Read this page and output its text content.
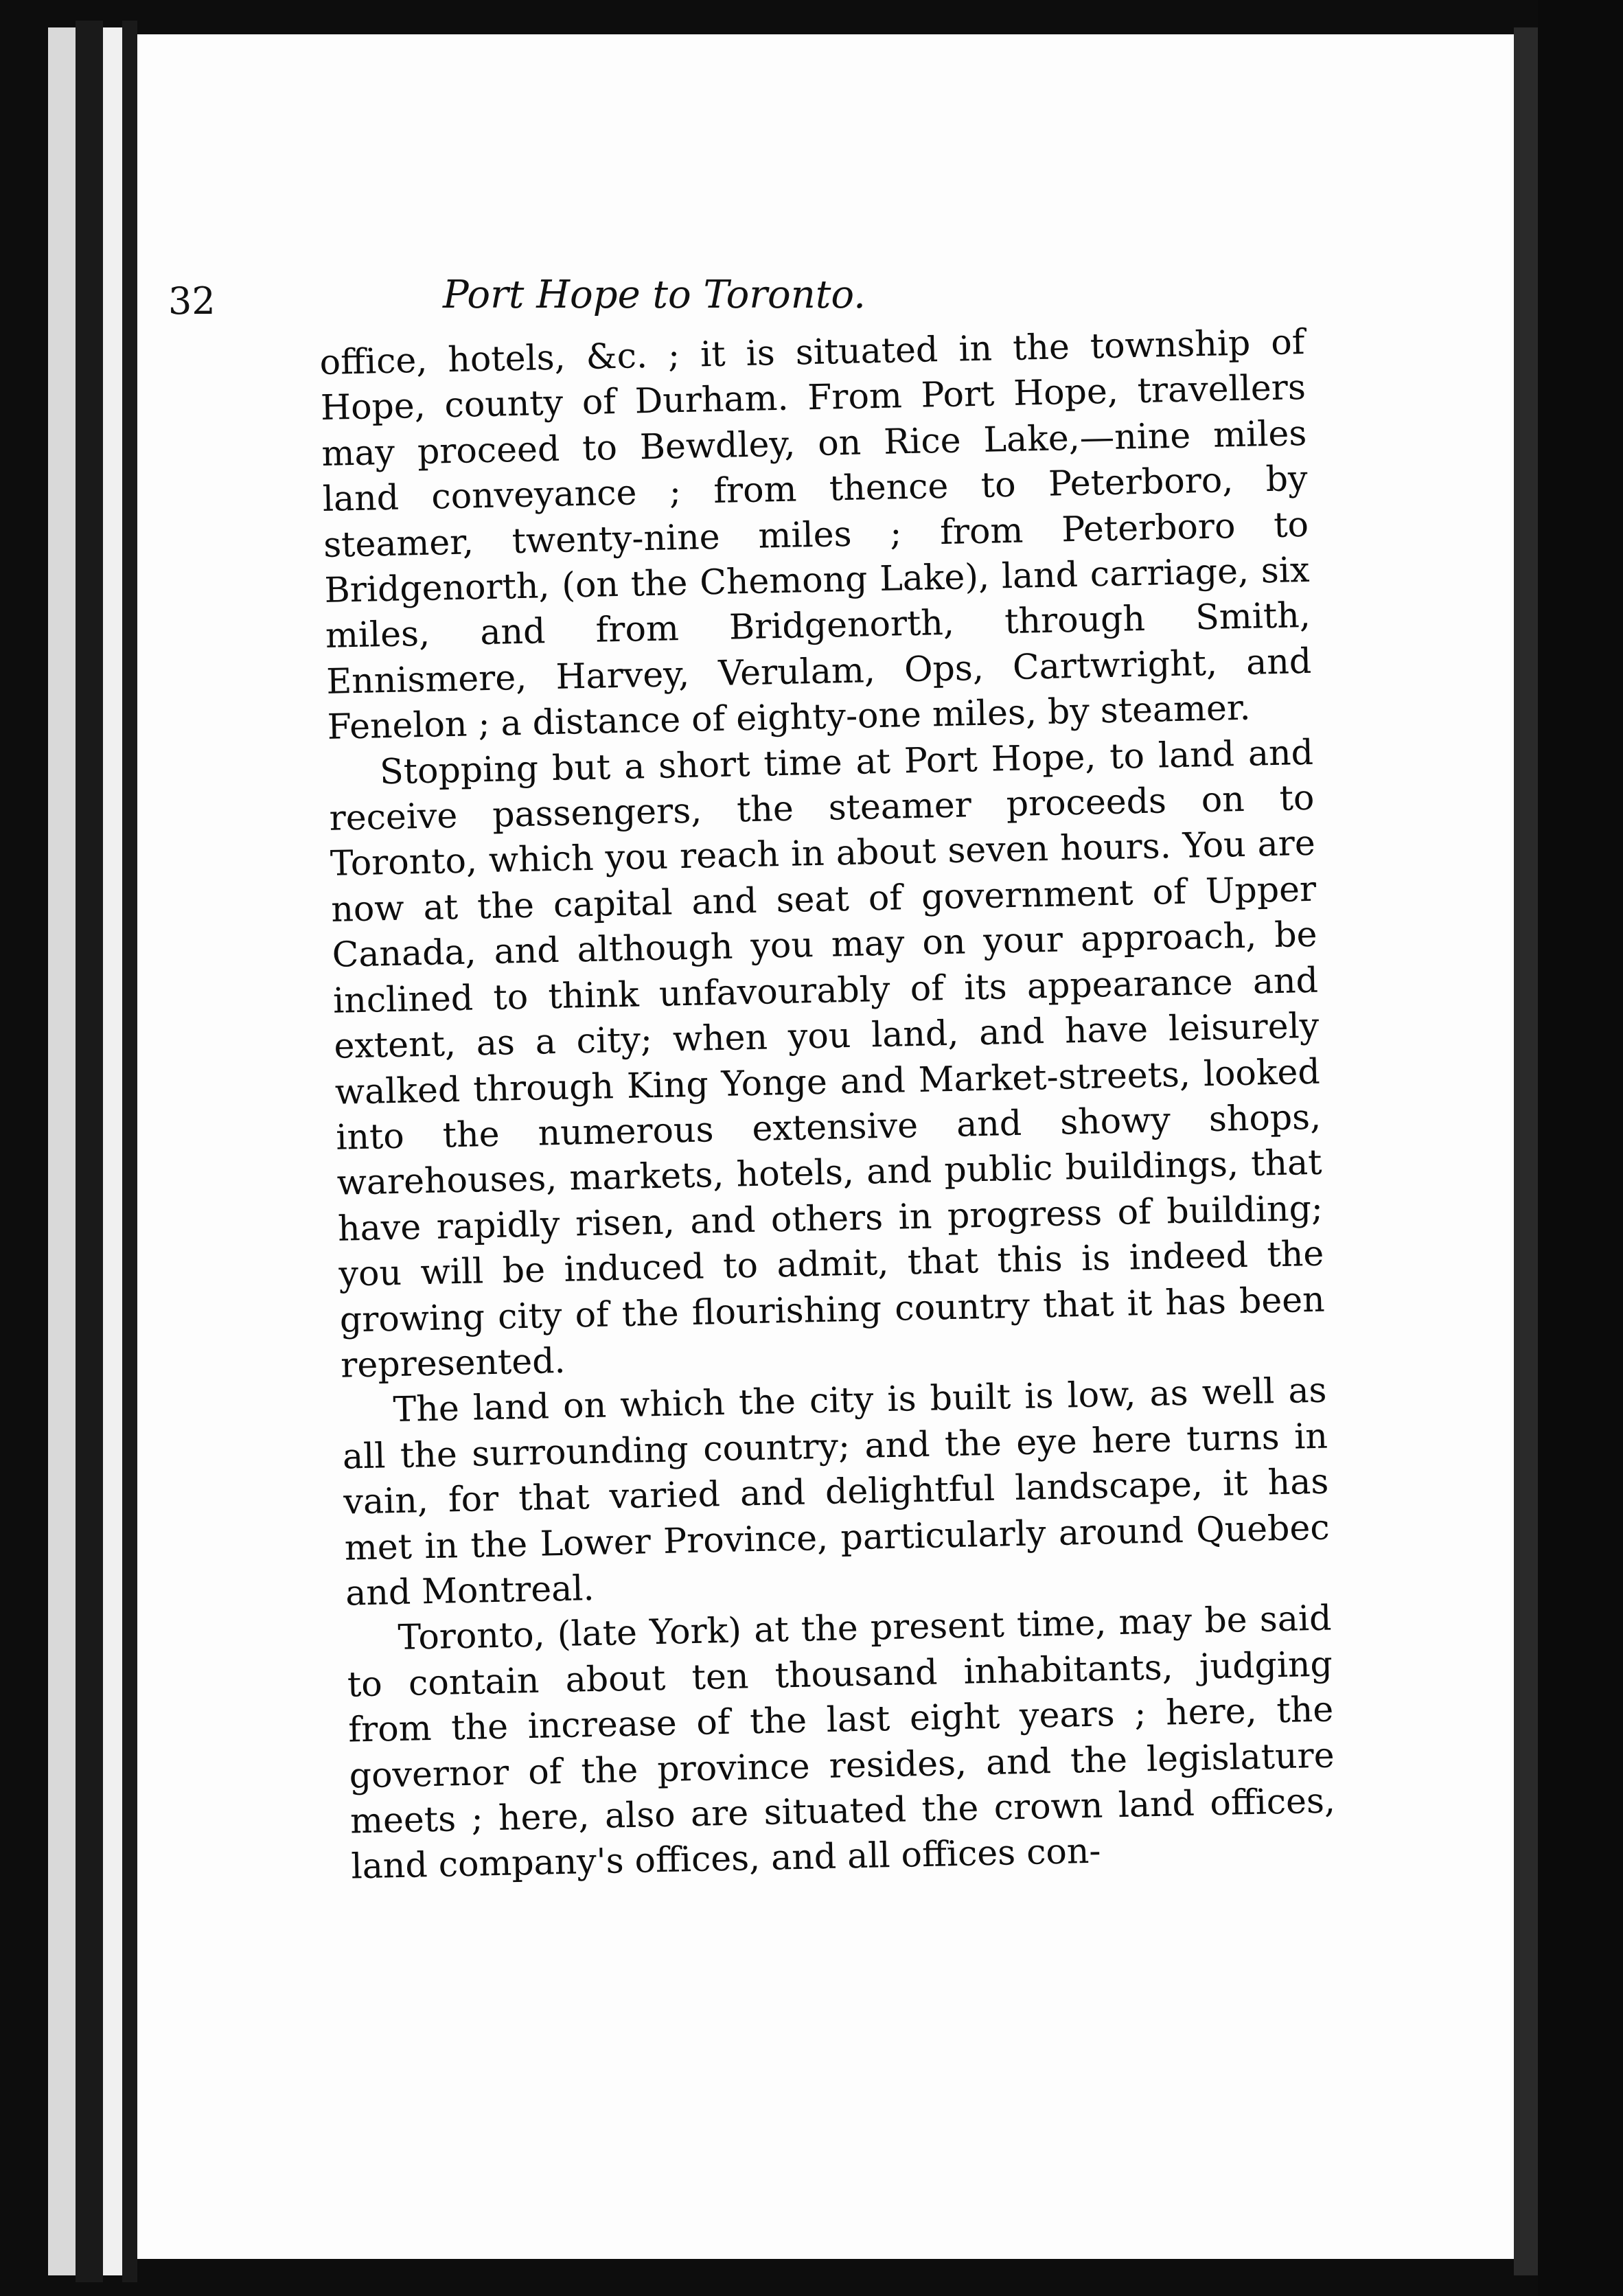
32	Port Hope to Toronto.

office, hotels, &c. ; it is situated in the township of Hope, county of Durham. From Port Hope, travellers may proceed to Bewdley, on Rice Lake,—nine miles land conveyance ; from thence to Peterboro, by steamer, twenty-nine miles ; from Peterboro to Bridgenorth, (on the Chemong Lake), land carriage, six miles, and from Bridgenorth, through Smith, Ennismere, Harvey, Verulam, Ops, Cartwright, and Fenelon ; a distance of eighty-one miles, by steamer.

Stopping but a short time at Port Hope, to land and receive passengers, the steamer proceeds on to Toronto, which you reach in about seven hours. You are now at the capital and seat of government of Upper Canada, and although you may on your approach, be inclined to think unfavourably of its appearance and extent, as a city; when you land, and have leisurely walked through King Yonge and Market-streets, looked into the numerous extensive and showy shops, warehouses, markets, hotels, and public buildings, that have rapidly risen, and others in progress of building; you will be induced to admit, that this is indeed the growing city of the flourishing country that it has been represented.

The land on which the city is built is low, as well as all the surrounding country; and the eye here turns in vain, for that varied and delightful landscape, it has met in the Lower Province, particularly around Quebec and Montreal.

Toronto, (late York) at the present time, may be said to contain about ten thousand inhabitants, judging from the increase of the last eight years ; here, the governor of the province resides, and the legislature meets ; here, also are situated the crown land offices, land company's offices, and all offices con-
